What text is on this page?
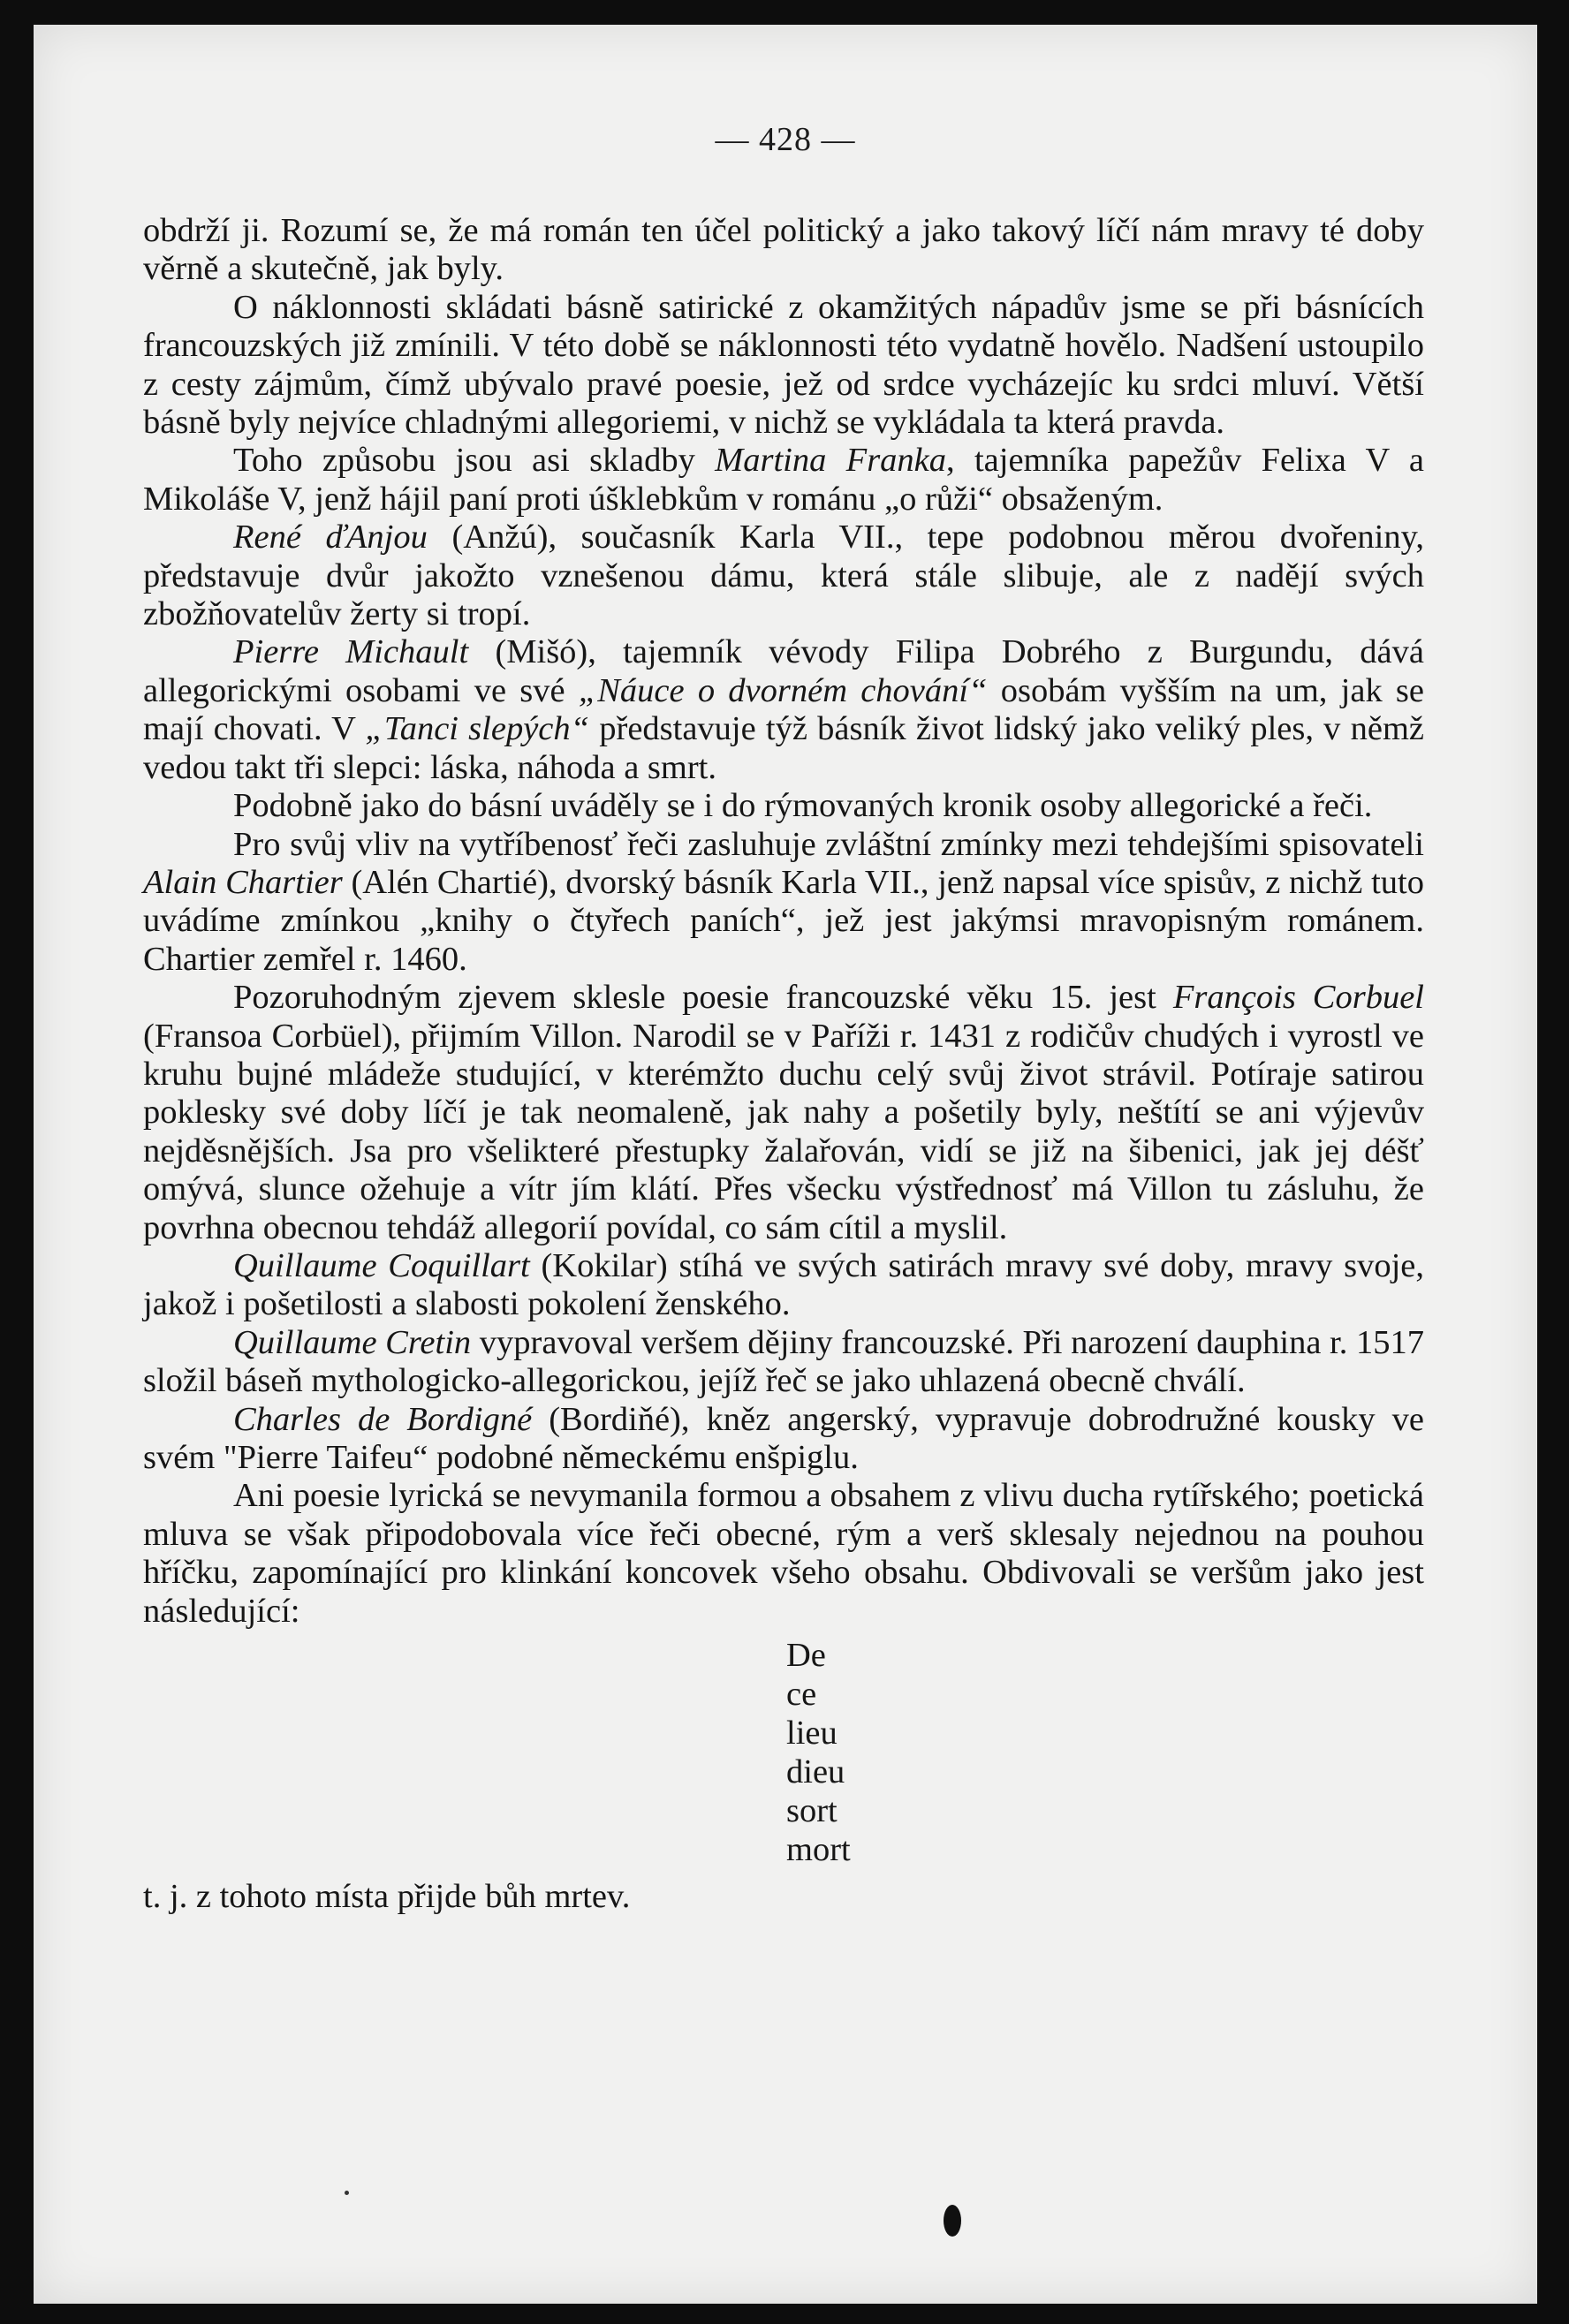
— 428 —

obdrží ji. Rozumí se, že má román ten účel politický a jako takový líčí nám mravy té doby věrně a skutečně, jak byly.

O náklonnosti skládati básně satirické z okamžitých nápadův jsme se při básnících francouzských již zmínili. V této době se náklonnosti této vydatně hovělo. Nadšení ustoupilo z cesty zájmům, čímž ubývalo pravé poesie, jež od srdce vycházejíc ku srdci mluví. Větší básně byly nejvíce chladnými allegoriemi, v nichž se vykládala ta která pravda.

Toho způsobu jsou asi skladby Martina Franka, tajemníka papežův Felixa V a Mikoláše V, jenž hájil paní proti úšklebkům v románu „o růži“ obsaženým.

René ďAnjou (Anžú), současník Karla VII., tepe podobnou měrou dvořeniny, představuje dvůr jakožto vznešenou dámu, která stále slibuje, ale z nadějí svých zbožňovatelův žerty si tropí.

Pierre Michault (Mišó), tajemník vévody Filipa Dobrého z Burgundu, dává allegorickými osobami ve své „Náuce o dvorném chování“ osobám vyšším na um, jak se mají chovati. V „Tanci slepých“ představuje týž básník život lidský jako veliký ples, v němž vedou takt tři slepci: láska, náhoda a smrt.

Podobně jako do básní uváděly se i do rýmovaných kronik osoby allegorické a řeči.

Pro svůj vliv na vytříbenosť řeči zasluhuje zvláštní zmínky mezi tehdejšími spisovateli Alain Chartier (Alén Chartié), dvorský básník Karla VII., jenž napsal více spisův, z nichž tuto uvádíme zmínkou „knihy o čtyřech paních“, jež jest jakýmsi mravopisným románem. Chartier zemřel r. 1460.

Pozoruhodným zjevem sklesle poesie francouzské věku 15. jest François Corbuel (Fransoa Corbüel), přijmím Villon. Narodil se v Paříži r. 1431 z rodičův chudých i vyrostl ve kruhu bujné mládeže studující, v kterémžto duchu celý svůj život strávil. Potíraje satirou poklesky své doby líčí je tak neomaleně, jak nahy a pošetily byly, neštítí se ani výjevův nejděsnějších. Jsa pro všelikteré přestupky žalařován, vidí se již na šibenici, jak jej déšť omývá, slunce ožehuje a vítr jím klátí. Přes všecku výstřednosť má Villon tu zásluhu, že povrhna obecnou tehdáž allegorií povídal, co sám cítil a myslil.

Quillaume Coquillart (Kokilar) stíhá ve svých satirách mravy své doby, mravy svoje, jakož i pošetilosti a slabosti pokolení ženského.

Quillaume Cretin vypravoval veršem dějiny francouzské. Při narození dauphina r. 1517 složil báseň mythologicko-allegorickou, jejíž řeč se jako uhlazená obecně chválí.

Charles de Bordigné (Bordiňé), kněz angerský, vypravuje dobrodružné kousky ve svém "Pierre Taifeu“ podobné německému enšpiglu.

Ani poesie lyrická se nevymanila formou a obsahem z vlivu ducha rytířského; poetická mluva se však připodobovala více řeči obecné, rým a verš sklesaly nejednou na pouhou hříčku, zapomínající pro klinkání koncovek všeho obsahu. Obdivovali se veršům jako jest následující:

De
ce
lieu
dieu
sort
mort

t. j. z tohoto místa přijde bůh mrtev.
